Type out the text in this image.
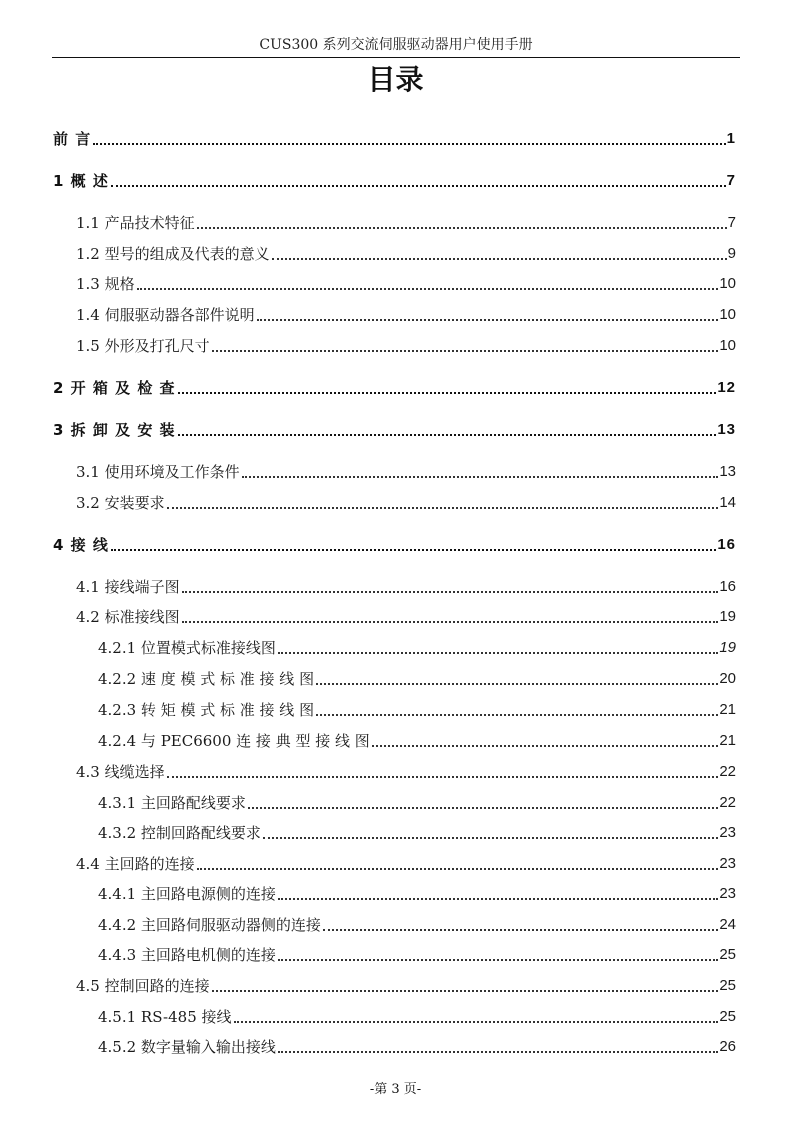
CUS300 系列交流伺服驱动器用户使用手册
目录
前 言	1
1 概 述	7
1.1 产品技术特征	7
1.2 型号的组成及代表的意义	9
1.3 规格	10
1.4 伺服驱动器各部件说明	10
1.5 外形及打孔尺寸	10
2 开 箱 及 检 查	12
3 拆 卸 及 安 装	13
3.1 使用环境及工作条件	13
3.2 安装要求	14
4 接 线	16
4.1 接线端子图	16
4.2 标准接线图	19
4.2.1 位置模式标准接线图	19
4.2.2 速 度 模 式 标 准 接 线 图	20
4.2.3 转 矩 模 式 标 准 接 线 图	21
4.2.4 与 PEC6600 连 接 典 型 接 线 图	21
4.3 线缆选择	22
4.3.1 主回路配线要求	22
4.3.2 控制回路配线要求	23
4.4 主回路的连接	23
4.4.1 主回路电源侧的连接	23
4.4.2 主回路伺服驱动器侧的连接	24
4.4.3 主回路电机侧的连接	25
4.5 控制回路的连接	25
4.5.1 RS-485 接线	25
4.5.2 数字量输入输出接线	26
-第 3 页-
